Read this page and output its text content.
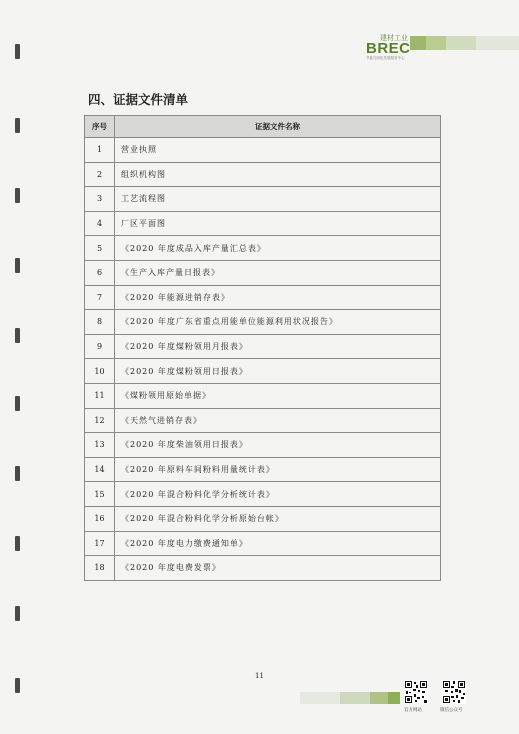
建材工业
BREC
节能与绿色发展服务中心
四、证据文件清单
序号	证据文件名称
1	营业执照
2	组织机构图
3	工艺流程图
4	厂区平面图
5	《2020 年度成品入库产量汇总表》
6	《生产入库产量日报表》
7	《2020 年能源进销存表》
8	《2020 年度广东省重点用能单位能源利用状况报告》
9	《2020 年度煤粉领用月报表》
10	《2020 年度煤粉领用日报表》
11	《煤粉领用原始单据》
12	《天然气进销存表》
13	《2020 年度柴油领用日报表》
14	《2020 年原料车间粉料用量统计表》
15	《2020 年混合粉料化学分析统计表》
16	《2020 年混合粉料化学分析原始台帐》
17	《2020 年度电力缴费通知单》
18	《2020 年度电费发票》
11
官方网站	微信公众号
